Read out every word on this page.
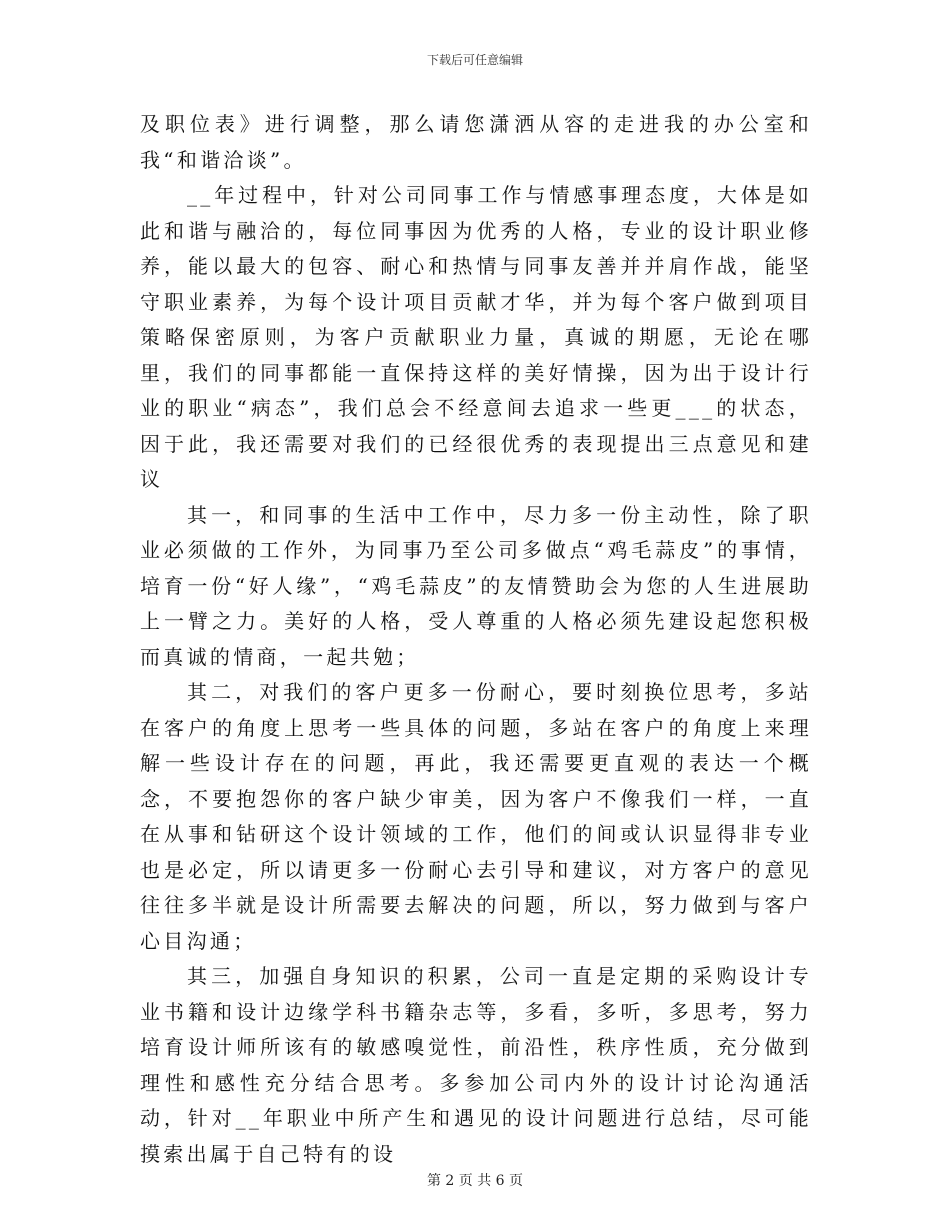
下载后可任意编辑

及职位表》进行调整，那么请您潇洒从容的走进我的办公室和我“和谐洽谈”。

__年过程中，针对公司同事工作与情感事理态度，大体是如此和谐与融洽的，每位同事因为优秀的人格，专业的设计职业修养，能以最大的包容、耐心和热情与同事友善并并肩作战，能坚守职业素养，为每个设计项目贡献才华，并为每个客户做到项目策略保密原则，为客户贡献职业力量，真诚的期愿，无论在哪里，我们的同事都能一直保持这样的美好情操，因为出于设计行业的职业“病态”，我们总会不经意间去追求一些更___的状态，因于此，我还需要对我们的已经很优秀的表现提出三点意见和建议

其一，和同事的生活中工作中，尽力多一份主动性，除了职业必须做的工作外，为同事乃至公司多做点“鸡毛蒜皮”的事情，培育一份“好人缘”，“鸡毛蒜皮”的友情赞助会为您的人生进展助上一臂之力。美好的人格，受人尊重的人格必须先建设起您积极而真诚的情商，一起共勉；

其二，对我们的客户更多一份耐心，要时刻换位思考，多站在客户的角度上思考一些具体的问题，多站在客户的角度上来理解一些设计存在的问题，再此，我还需要更直观的表达一个概念，不要抱怨你的客户缺少审美，因为客户不像我们一样，一直在从事和钻研这个设计领域的工作，他们的间或认识显得非专业也是必定，所以请更多一份耐心去引导和建议，对方客户的意见往往多半就是设计所需要去解决的问题，所以，努力做到与客户心目沟通；

其三，加强自身知识的积累，公司一直是定期的采购设计专业书籍和设计边缘学科书籍杂志等，多看，多听，多思考，努力培育设计师所该有的敏感嗅觉性，前沿性，秩序性质，充分做到理性和感性充分结合思考。多参加公司内外的设计讨论沟通活动，针对__年职业中所产生和遇见的设计问题进行总结，尽可能摸索出属于自己特有的设

第 2 页 共 6 页
